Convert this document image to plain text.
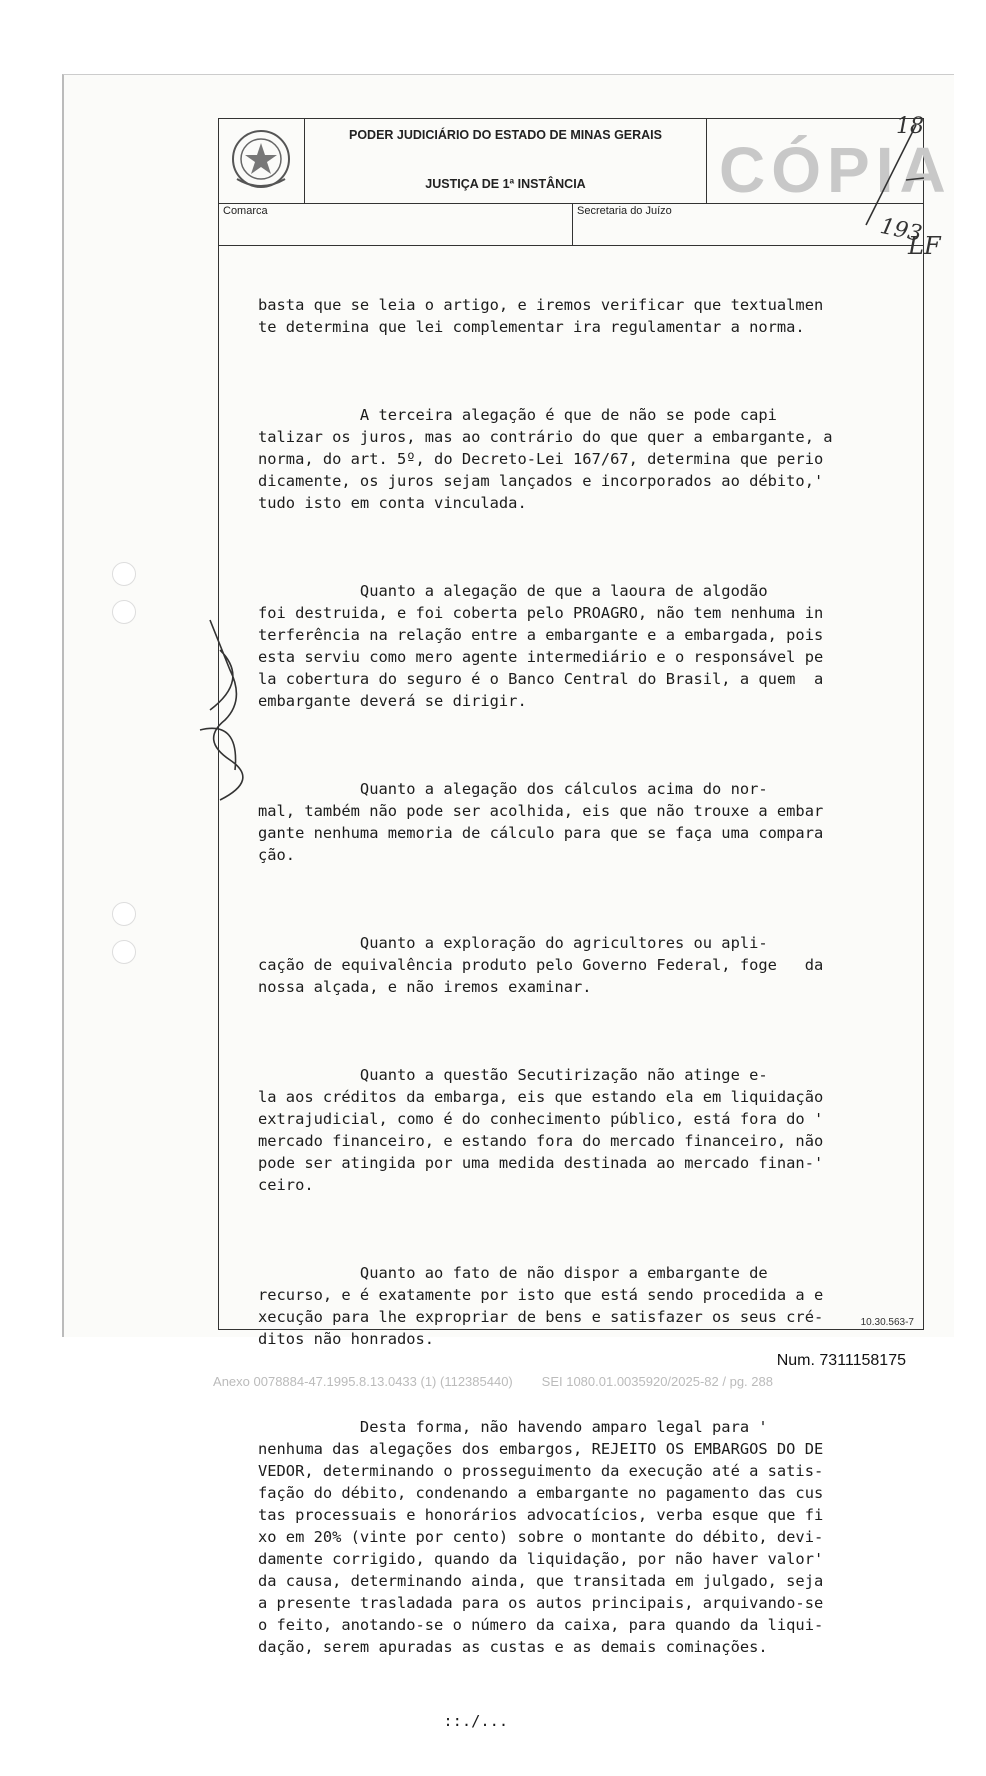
PODER JUDICIÁRIO DO ESTADO DE MINAS GERAIS
JUSTIÇA DE 1ª INSTÂNCIA	CÓPIA
Comarca	Secretaria do Juízo
18
193
LF

basta que se leia o artigo, e iremos verificar que textualmen
te determina que lei complementar ira regulamentar a norma.

A terceira alegação é que de não se pode capi
talizar os juros, mas ao contrário do que quer a embargante, a
norma, do art. 5º, do Decreto-Lei 167/67, determina que perio
dicamente, os juros sejam lançados e incorporados ao débito,'
tudo isto em conta vinculada.

Quanto a alegação de que a laoura de algodão
foi destruida, e foi coberta pelo PROAGRO, não tem nenhuma in
terferência na relação entre a embargante e a embargada, pois
esta serviu como mero agente intermediário e o responsável pe
la cobertura do seguro é o Banco Central do Brasil, a quem  a
embargante deverá se dirigir.

Quanto a alegação dos cálculos acima do nor-
mal, também não pode ser acolhida, eis que não trouxe a embar
gante nenhuma memoria de cálculo para que se faça uma compara
ção.

Quanto a exploração do agricultores ou apli-
cação de equivalência produto pelo Governo Federal, foge   da
nossa alçada, e não iremos examinar.

Quanto a questão Secutirização não atinge e-
la aos créditos da embarga, eis que estando ela em liquidação
extrajudicial, como é do conhecimento público, está fora do '
mercado financeiro, e estando fora do mercado financeiro, não
pode ser atingida por uma medida destinada ao mercado finan-'
ceiro.

Quanto ao fato de não dispor a embargante de
recurso, e é exatamente por isto que está sendo procedida a e
xecução para lhe expropriar de bens e satisfazer os seus cré-
ditos não honrados.

Desta forma, não havendo amparo legal para '
nenhuma das alegações dos embargos, REJEITO OS EMBARGOS DO DE
VEDOR, determinando o prosseguimento da execução até a satis-
fação do débito, condenando a embargante no pagamento das cus
tas processuais e honorários advocatícios, verba esque que fi
xo em 20% (vinte por cento) sobre o montante do débito, devi-
damente corrigido, quando da liquidação, por não haver valor'
da causa, determinando ainda, que transitada em julgado, seja
a presente trasladada para os autos principais, arquivando-se
o feito, anotando-se o número da caixa, para quando da liqui-
dação, serem apuradas as custas e as demais cominações.

::./...

10.30.563-7
Num. 7311158175
Anexo 0078884-47.1995.8.13.0433 (1) (112385440)        SEI 1080.01.0035920/2025-82 / pg. 288
